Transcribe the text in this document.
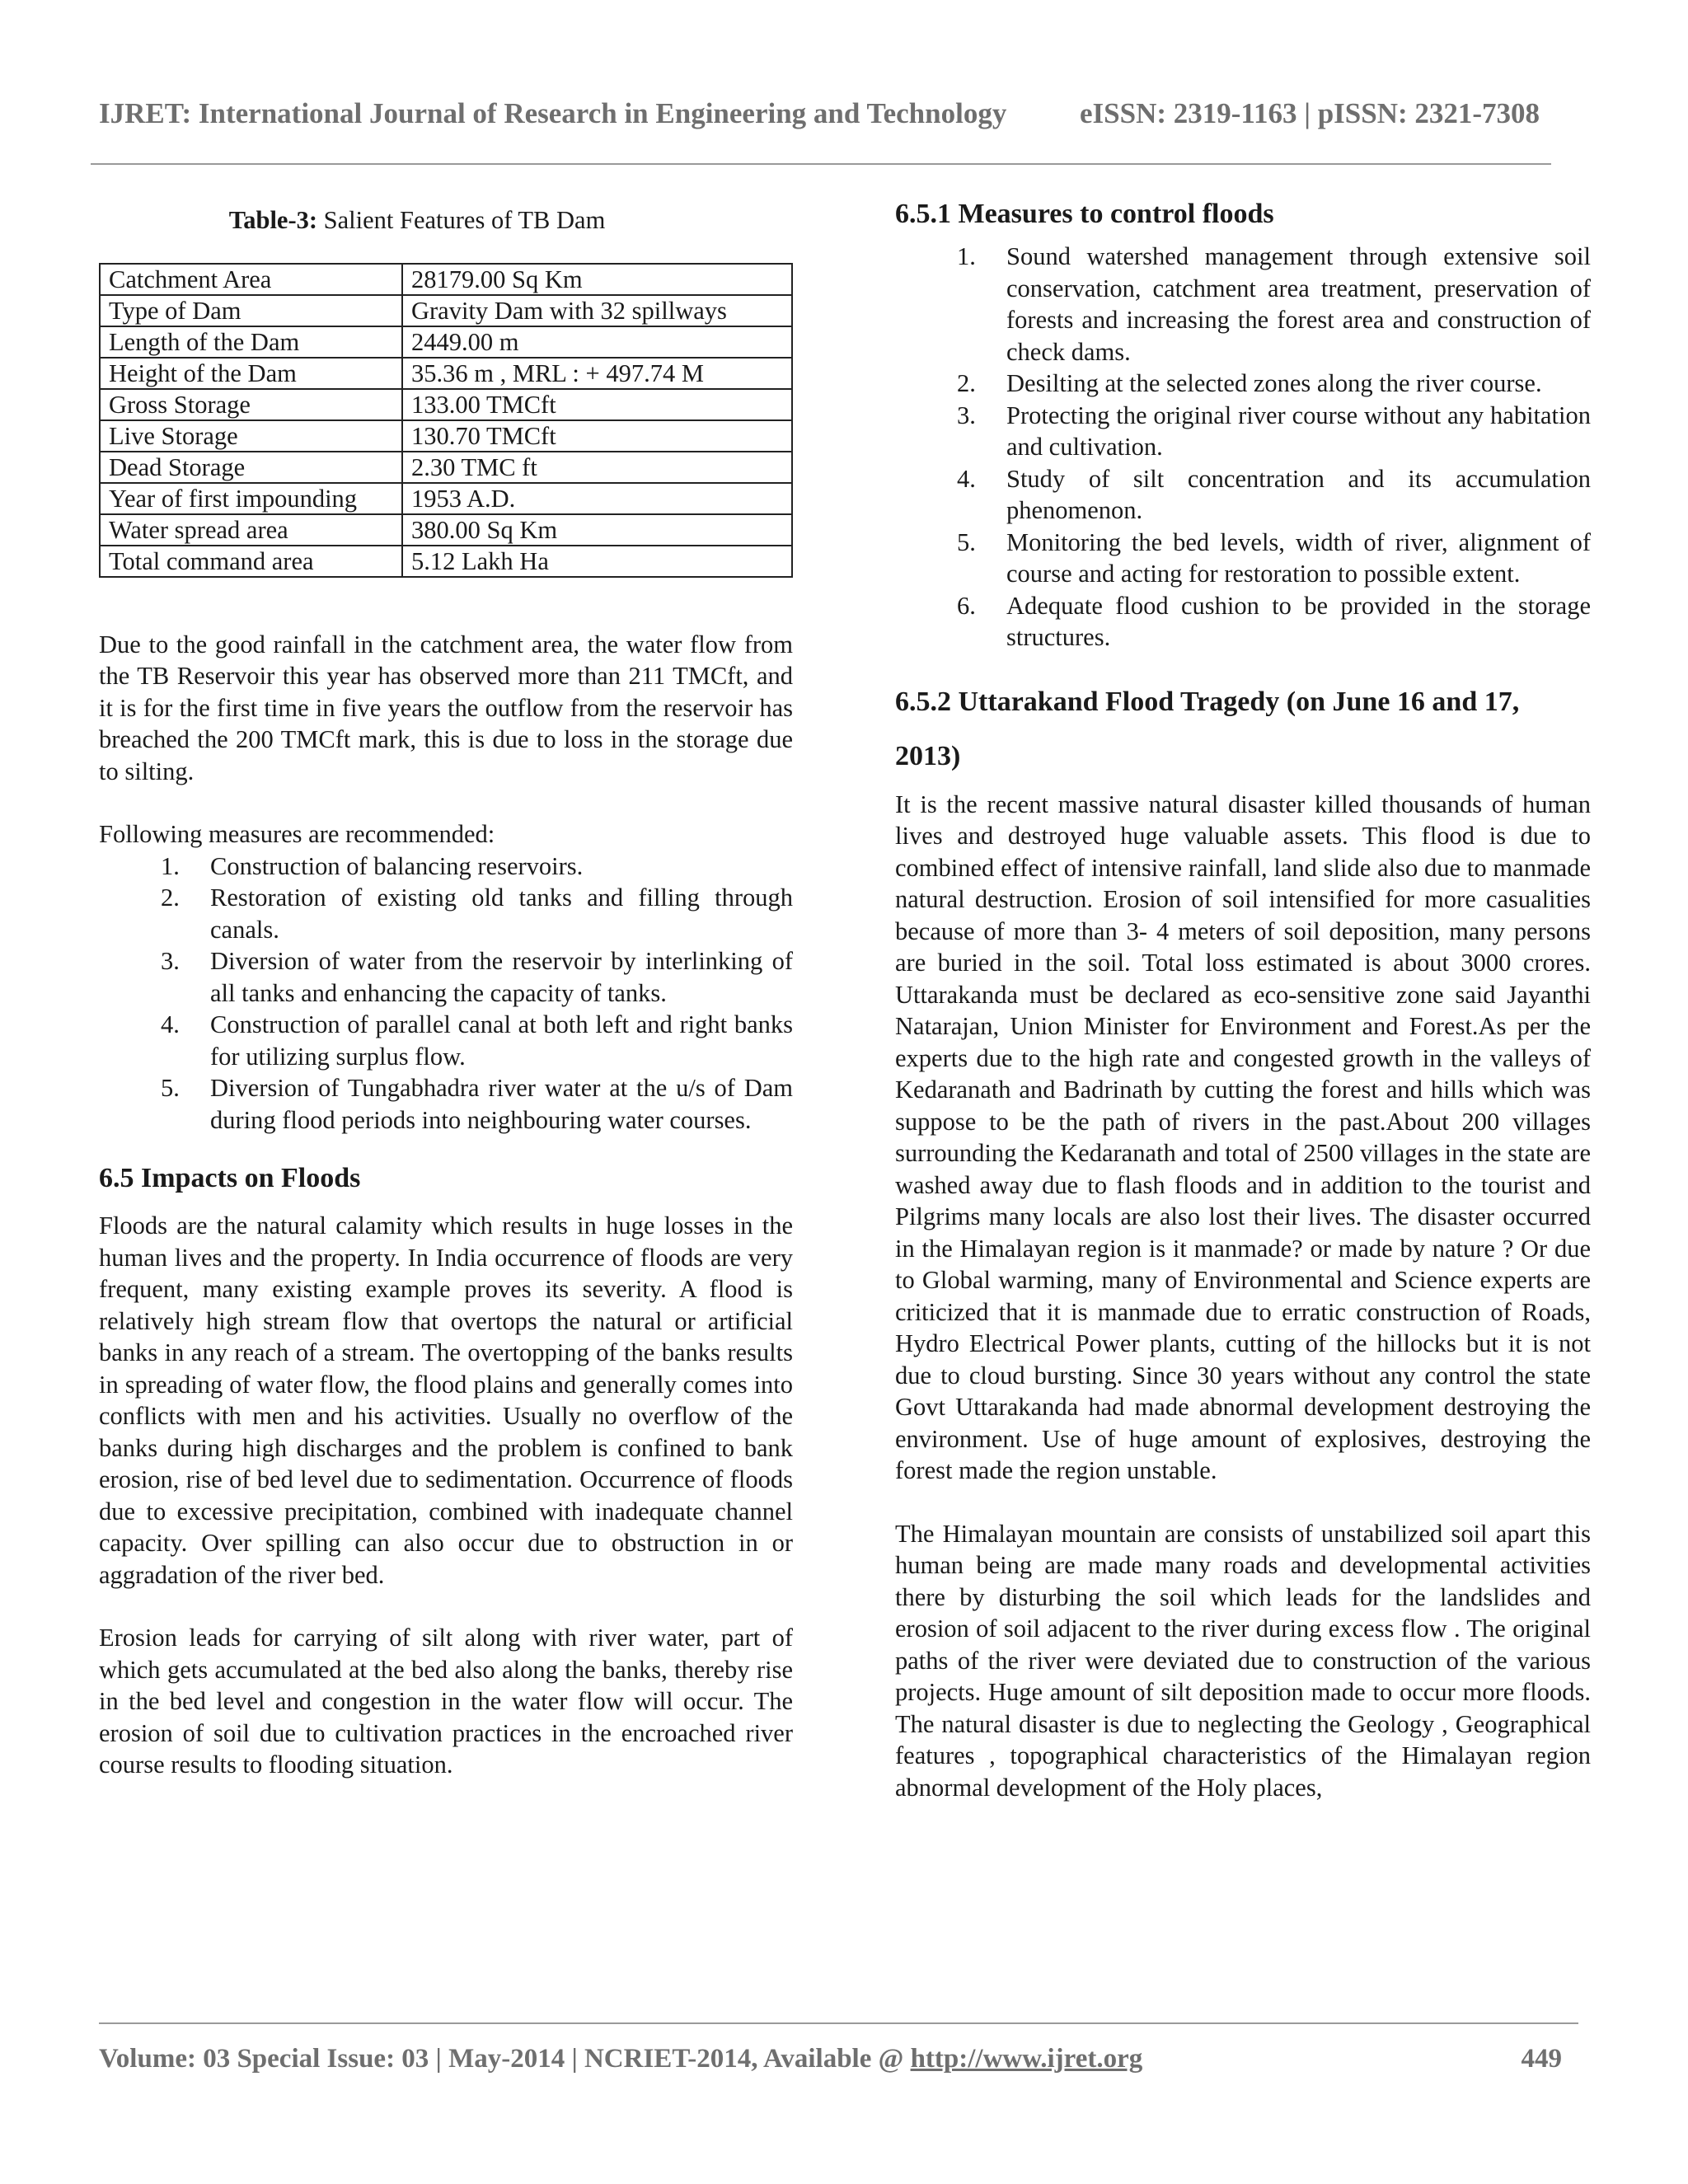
IJRET: International Journal of Research in Engineering and Technology	eISSN: 2319-1163 | pISSN: 2321-7308
Table-3: Salient Features of TB Dam
Catchment Area	28179.00 Sq Km
Type of Dam	Gravity Dam with 32 spillways
Length of the Dam	2449.00 m
Height of the Dam	35.36 m , MRL : + 497.74 M
Gross Storage	133.00 TMCft
Live Storage	130.70 TMCft
Dead Storage	2.30 TMC ft
Year of first impounding	1953 A.D.
Water spread area	380.00 Sq Km
Total command area	5.12 Lakh Ha

Due to the good rainfall in the catchment area, the water flow from the TB Reservoir this year has observed more than 211 TMCft, and it is for the first time in five years the outflow from the reservoir has breached the 200 TMCft mark, this is due to loss in the storage due to silting.

Following measures are recommended:

1. Construction of balancing reservoirs.
2. Restoration of existing old tanks and filling through canals.
3. Diversion of water from the reservoir by interlinking of all tanks and enhancing the capacity of tanks.
4. Construction of parallel canal at both left and right banks for utilizing surplus flow.
5. Diversion of Tungabhadra river water at the u/s of Dam during flood periods into neighbouring water courses.
6.5 Impacts on Floods

Floods are the natural calamity which results in huge losses in the human lives and the property. In India occurrence of floods are very frequent, many existing example proves its severity. A flood is relatively high stream flow that overtops the natural or artificial banks in any reach of a stream. The overtopping of the banks results in spreading of water flow, the flood plains and generally comes into conflicts with men and his activities. Usually no overflow of the banks during high discharges and the problem is confined to bank erosion, rise of bed level due to sedimentation. Occurrence of floods due to excessive precipitation, combined with inadequate channel capacity. Over spilling can also occur due to obstruction in or aggradation of the river bed.

Erosion leads for carrying of silt along with river water, part of which gets accumulated at the bed also along the banks, thereby rise in the bed level and congestion in the water flow will occur. The erosion of soil due to cultivation practices in the encroached river course results to flooding situation.

6.5.1 Measures to control floods
1. Sound watershed management through extensive soil conservation, catchment area treatment, preservation of forests and increasing the forest area and construction of check dams.
2. Desilting at the selected zones along the river course.
3. Protecting the original river course without any habitation and cultivation.
4. Study of silt concentration and its accumulation phenomenon.
5. Monitoring the bed levels, width of river, alignment of course and acting for restoration to possible extent.
6. Adequate flood cushion to be provided in the storage structures.
6.5.2 Uttarakand Flood Tragedy (on June 16 and 17, 2013)

It is the recent massive natural disaster killed thousands of human lives and destroyed huge valuable assets. This flood is due to combined effect of intensive rainfall, land slide also due to manmade natural destruction. Erosion of soil intensified for more casualities because of more than 3- 4 meters of soil deposition, many persons are buried in the soil. Total loss estimated is about 3000 crores. Uttarakanda must be declared as eco-sensitive zone said Jayanthi Natarajan, Union Minister for Environment and Forest.As per the experts due to the high rate and congested growth in the valleys of Kedaranath and Badrinath by cutting the forest and hills which was suppose to be the path of rivers in the past.About 200 villages surrounding the Kedaranath and total of 2500 villages in the state are washed away due to flash floods and in addition to the tourist and Pilgrims many locals are also lost their lives. The disaster occurred in the Himalayan region is it manmade? or made by nature ? Or due to Global warming, many of Environmental and Science experts are criticized that it is manmade due to erratic construction of Roads, Hydro Electrical Power plants, cutting of the hillocks but it is not due to cloud bursting. Since 30 years without any control the state Govt Uttarakanda had made abnormal development destroying the environment. Use of huge amount of explosives, destroying the forest made the region unstable.

The Himalayan mountain are consists of unstabilized soil apart this human being are made many roads and developmental activities there by disturbing the soil which leads for the landslides and erosion of soil adjacent to the river during excess flow . The original paths of the river were deviated due to construction of the various projects. Huge amount of silt deposition made to occur more floods. The natural disaster is due to neglecting the Geology , Geographical features , topographical characteristics of the Himalayan region abnormal development of the Holy places,

Volume: 03 Special Issue: 03 | May-2014 | NCRIET-2014, Available @ http://www.ijret.org	449
